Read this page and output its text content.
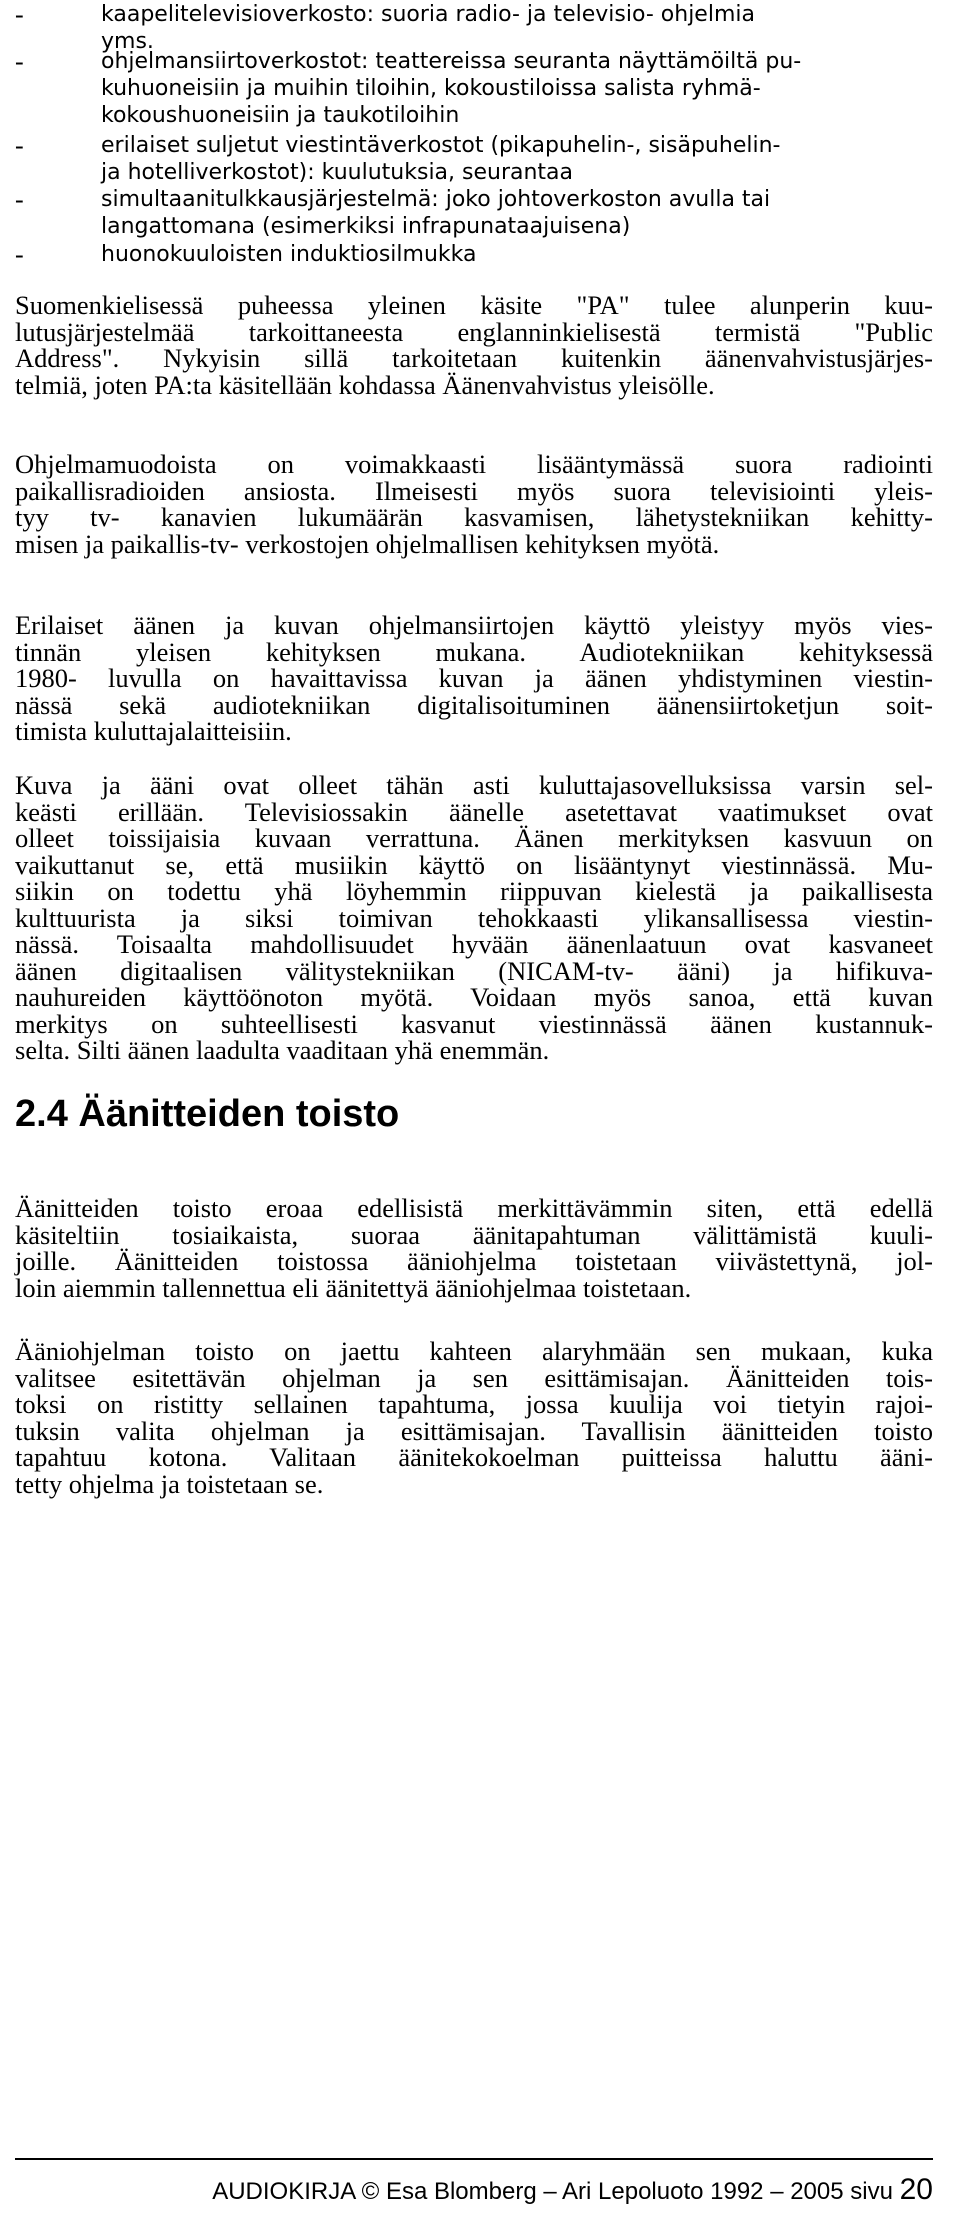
-	kaapelitelevisioverkosto: suoria radio- ja televisio- ohjelmia
yms.
-	ohjelmansiirtoverkostot: teattereissa seuranta näyttämöiltä pu-
kuhuoneisiin ja muihin tiloihin, kokoustiloissa salista ryhmä-
kokoushuoneisiin ja taukotiloihin
-	erilaiset suljetut viestintäverkostot (pikapuhelin-, sisäpuhelin-
ja hotelliverkostot): kuulutuksia, seurantaa
-	simultaanitulkkausjärjestelmä: joko johtoverkoston avulla tai
langattomana (esimerkiksi infrapunataajuisena)
-	huonokuuloisten induktiosilmukka
Suomenkielisessä puheessa yleinen käsite "PA" tulee alunperin kuu-
lutusjärjestelmää tarkoittaneesta englanninkielisestä termistä "Public
Address". Nykyisin sillä tarkoitetaan kuitenkin äänenvahvistusjärjes-
telmiä, joten PA:ta käsitellään kohdassa Äänenvahvistus yleisölle.
Ohjelmamuodoista on voimakkaasti lisääntymässä suora radiointi
paikallisradioiden ansiosta. Ilmeisesti myös suora televisiointi yleis-
tyy tv- kanavien lukumäärän kasvamisen, lähetystekniikan kehitty-
misen ja paikallis-tv- verkostojen ohjelmallisen kehityksen myötä.
Erilaiset äänen ja kuvan ohjelmansiirtojen käyttö yleistyy myös vies-
tinnän yleisen kehityksen mukana. Audiotekniikan kehityksessä
1980- luvulla on havaittavissa kuvan ja äänen yhdistyminen viestin-
nässä sekä audiotekniikan digitalisoituminen äänensiirtoketjun soit-
timista kuluttajalaitteisiin.
Kuva ja ääni ovat olleet tähän asti kuluttajasovelluksissa varsin sel-
keästi erillään. Televisiossakin äänelle asetettavat vaatimukset ovat
olleet toissijaisia kuvaan verrattuna. Äänen merkityksen kasvuun on
vaikuttanut se, että musiikin käyttö on lisääntynyt viestinnässä. Mu-
siikin on todettu yhä löyhemmin riippuvan kielestä ja paikallisesta
kulttuurista ja siksi toimivan tehokkaasti ylikansallisessa viestin-
nässä. Toisaalta mahdollisuudet hyvään äänenlaatuun ovat kasvaneet
äänen digitaalisen välitystekniikan (NICAM-tv- ääni) ja hifikuva-
nauhureiden käyttöönoton myötä. Voidaan myös sanoa, että kuvan
merkitys on suhteellisesti kasvanut viestinnässä äänen kustannuk-
selta. Silti äänen laadulta vaaditaan yhä enemmän.
2.4 Äänitteiden toisto
Äänitteiden toisto eroaa edellisistä merkittävämmin siten, että edellä
käsiteltiin tosiaikaista, suoraa äänitapahtuman välittämistä kuuli-
joille. Äänitteiden toistossa ääniohjelma toistetaan viivästettynä, jol-
loin aiemmin tallennettua eli äänitettyä ääniohjelmaa toistetaan.
Ääniohjelman toisto on jaettu kahteen alaryhmään sen mukaan, kuka
valitsee esitettävän ohjelman ja sen esittämisajan. Äänitteiden tois-
toksi on ristitty sellainen tapahtuma, jossa kuulija voi tietyin rajoi-
tuksin valita ohjelman ja esittämisajan. Tavallisin äänitteiden toisto
tapahtuu kotona. Valitaan äänitekokoelman puitteissa haluttu ääni-
tetty ohjelma ja toistetaan se.
AUDIOKIRJA © Esa Blomberg – Ari Lepoluoto 1992 – 2005 sivu 20
